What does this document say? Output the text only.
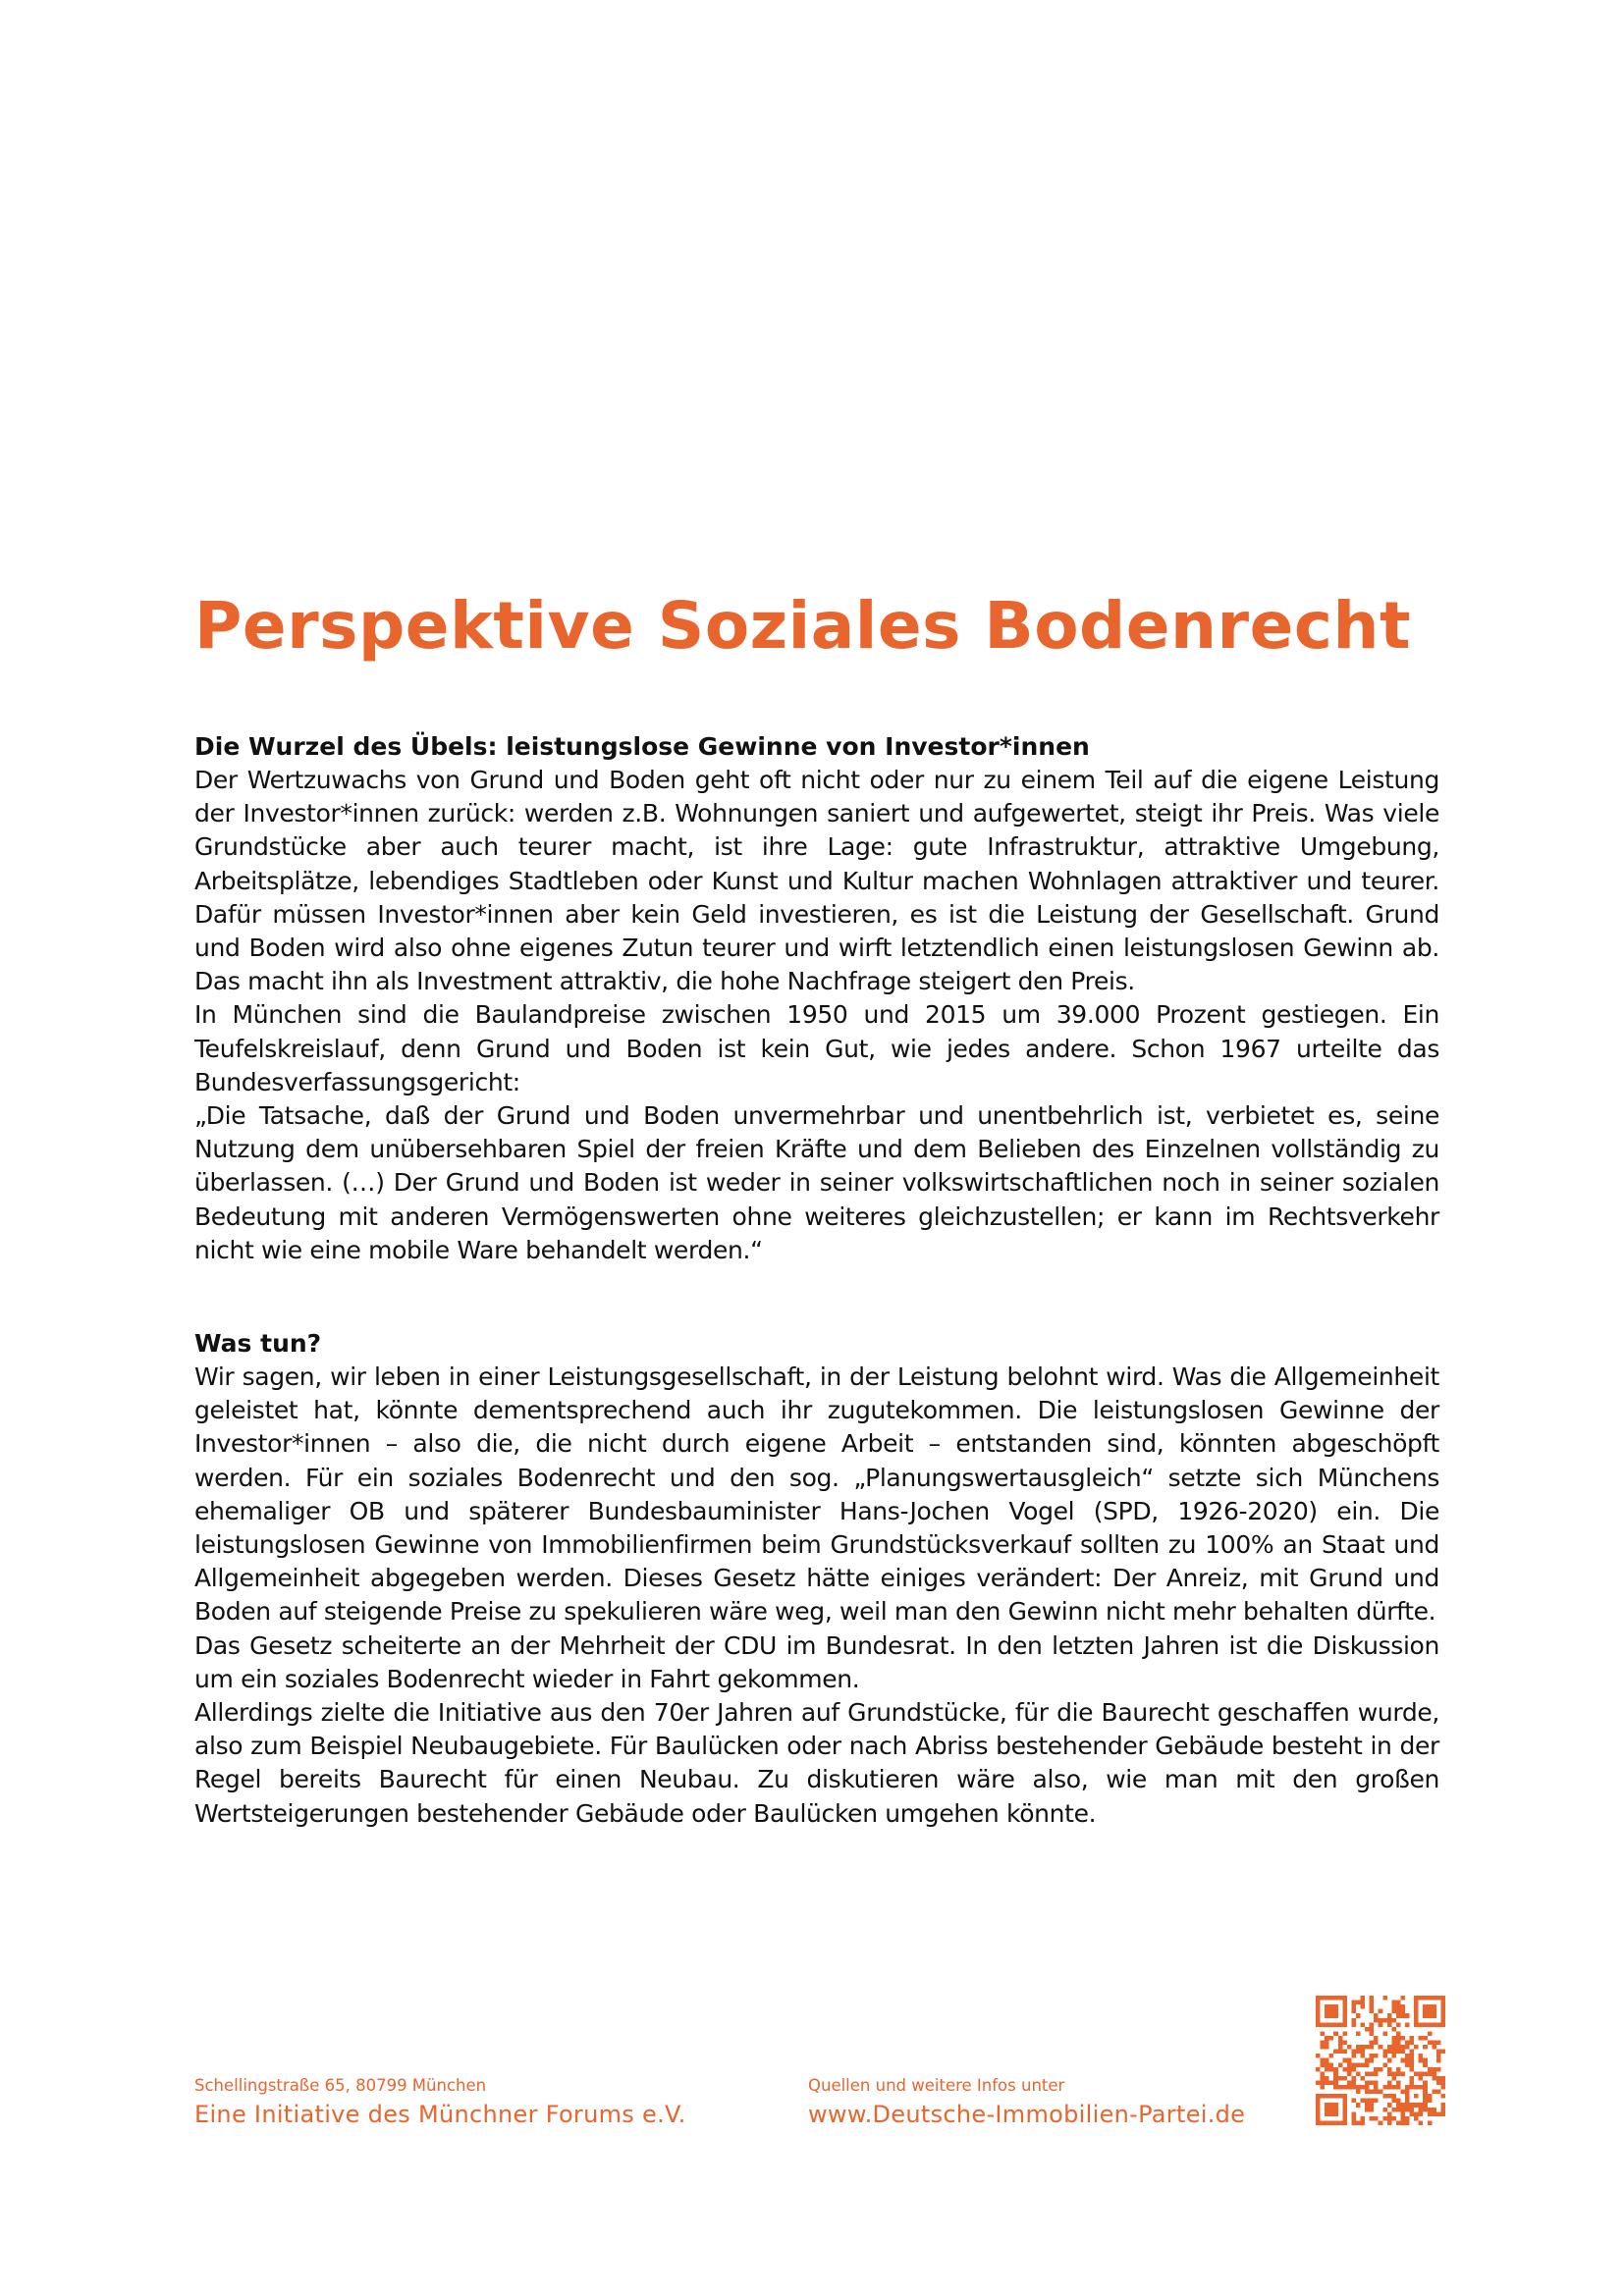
Perspektive Soziales Bodenrecht

Die Wurzel des Übels: leistungslose Gewinne von Investor*innen

Der Wertzuwachs von Grund und Boden geht oft nicht oder nur zu einem Teil auf die eigene Leistung der Investor*innen zurück: werden z.B. Wohnungen saniert und aufgewertet, steigt ihr Preis. Was viele Grundstücke aber auch teurer macht, ist ihre Lage: gute Infrastruktur, attraktive Umgebung, Arbeitsplätze, lebendiges Stadtleben oder Kunst und Kultur machen Wohnlagen attraktiver und teurer. Dafür müssen Investor*innen aber kein Geld investieren, es ist die Leistung der Gesellschaft. Grund und Boden wird also ohne eigenes Zutun teurer und wirft letztendlich einen leistungslosen Gewinn ab. Das macht ihn als Investment attraktiv, die hohe Nachfrage steigert den Preis.
In München sind die Baulandpreise zwischen 1950 und 2015 um 39.000 Prozent gestiegen. Ein Teufelskreislauf, denn Grund und Boden ist kein Gut, wie jedes andere. Schon 1967 urteilte das Bundesverfassungsgericht:
„Die Tatsache, daß der Grund und Boden unvermehrbar und unentbehrlich ist, verbietet es, seine Nutzung dem unübersehbaren Spiel der freien Kräfte und dem Belieben des Einzelnen vollständig zu überlassen. (…) Der Grund und Boden ist weder in seiner volkswirtschaftlichen noch in seiner sozialen Bedeutung mit anderen Vermögenswerten ohne weiteres gleichzustellen; er kann im Rechtsverkehr nicht wie eine mobile Ware behandelt werden.“

Was tun?

Wir sagen, wir leben in einer Leistungsgesellschaft, in der Leistung belohnt wird. Was die Allgemeinheit geleistet hat, könnte dementsprechend auch ihr zugutekommen. Die leistungslosen Gewinne der Investor*innen – also die, die nicht durch eigene Arbeit – entstanden sind, könnten abgeschöpft werden. Für ein soziales Bodenrecht und den sog. „Planungswertausgleich“ setzte sich Münchens ehemaliger OB und späterer Bundesbauminister Hans-Jochen Vogel (SPD, 1926-2020) ein. Die leistungslosen Gewinne von Immobilienfirmen beim Grundstücksverkauf sollten zu 100% an Staat und Allgemeinheit abgegeben werden. Dieses Gesetz hätte einiges verändert: Der Anreiz, mit Grund und Boden auf steigende Preise zu spekulieren wäre weg, weil man den Gewinn nicht mehr behalten dürfte.
Das Gesetz scheiterte an der Mehrheit der CDU im Bundesrat. In den letzten Jahren ist die Diskussion um ein soziales Bodenrecht wieder in Fahrt gekommen.
Allerdings zielte die Initiative aus den 70er Jahren auf Grundstücke, für die Baurecht geschaffen wurde, also zum Beispiel Neubaugebiete. Für Baulücken oder nach Abriss bestehender Gebäude besteht in der Regel bereits Baurecht für einen Neubau. Zu diskutieren wäre also, wie man mit den großen Wertsteigerungen bestehender Gebäude oder Baulücken umgehen könnte.

Schellingstraße 65, 80799 München
Eine Initiative des Münchner Forums e.V.
Quellen und weitere Infos unter
www.Deutsche-Immobilien-Partei.de
